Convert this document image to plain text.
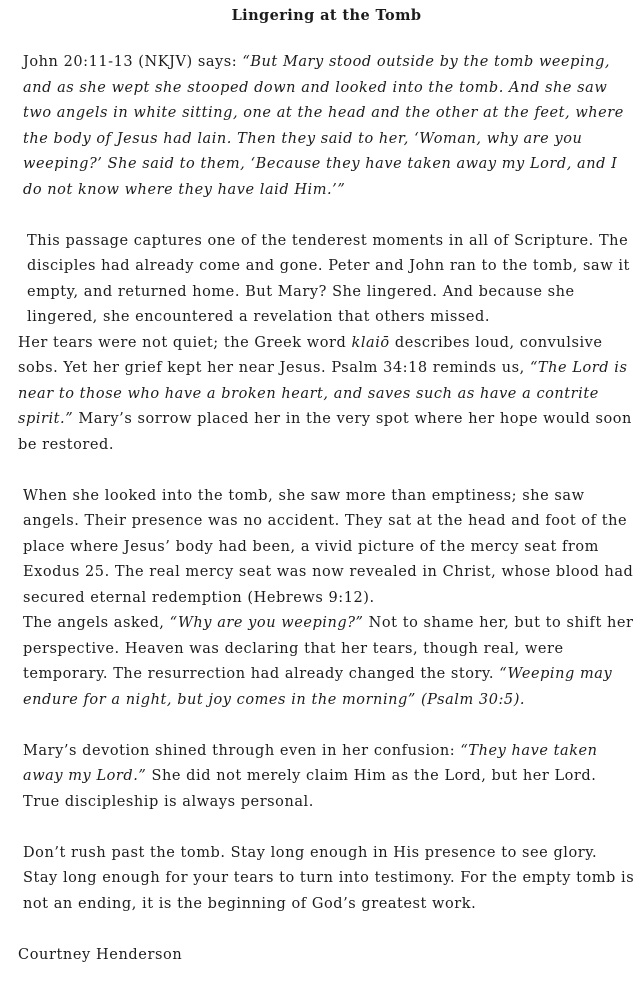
Lingering at the Tomb

John 20:11-13 (NKJV) says: “But Mary stood outside by the tomb weeping, and as she wept she stooped down and looked into the tomb. And she saw two angels in white sitting, one at the head and the other at the feet, where the body of Jesus had lain. Then they said to her, ‘Woman, why are you weeping?’ She said to them, ‘Because they have taken away my Lord, and I do not know where they have laid Him.’”

This passage captures one of the tenderest moments in all of Scripture. The disciples had already come and gone. Peter and John ran to the tomb, saw it empty, and returned home. But Mary? She lingered. And because she lingered, she encountered a revelation that others missed.

Her tears were not quiet; the Greek word klaiō describes loud, convulsive sobs. Yet her grief kept her near Jesus. Psalm 34:18 reminds us, “The Lord is near to those who have a broken heart, and saves such as have a contrite spirit.” Mary’s sorrow placed her in the very spot where her hope would soon be restored.

When she looked into the tomb, she saw more than emptiness; she saw angels. Their presence was no accident. They sat at the head and foot of the place where Jesus’ body had been, a vivid picture of the mercy seat from Exodus 25. The real mercy seat was now revealed in Christ, whose blood had secured eternal redemption (Hebrews 9:12).

The angels asked, “Why are you weeping?” Not to shame her, but to shift her perspective. Heaven was declaring that her tears, though real, were temporary. The resurrection had already changed the story. “Weeping may endure for a night, but joy comes in the morning” (Psalm 30:5).

Mary’s devotion shined through even in her confusion: “They have taken away my Lord.” She did not merely claim Him as the Lord, but her Lord. True discipleship is always personal.

Don’t rush past the tomb. Stay long enough in His presence to see glory. Stay long enough for your tears to turn into testimony. For the empty tomb is not an ending, it is the beginning of God’s greatest work.

Courtney Henderson
